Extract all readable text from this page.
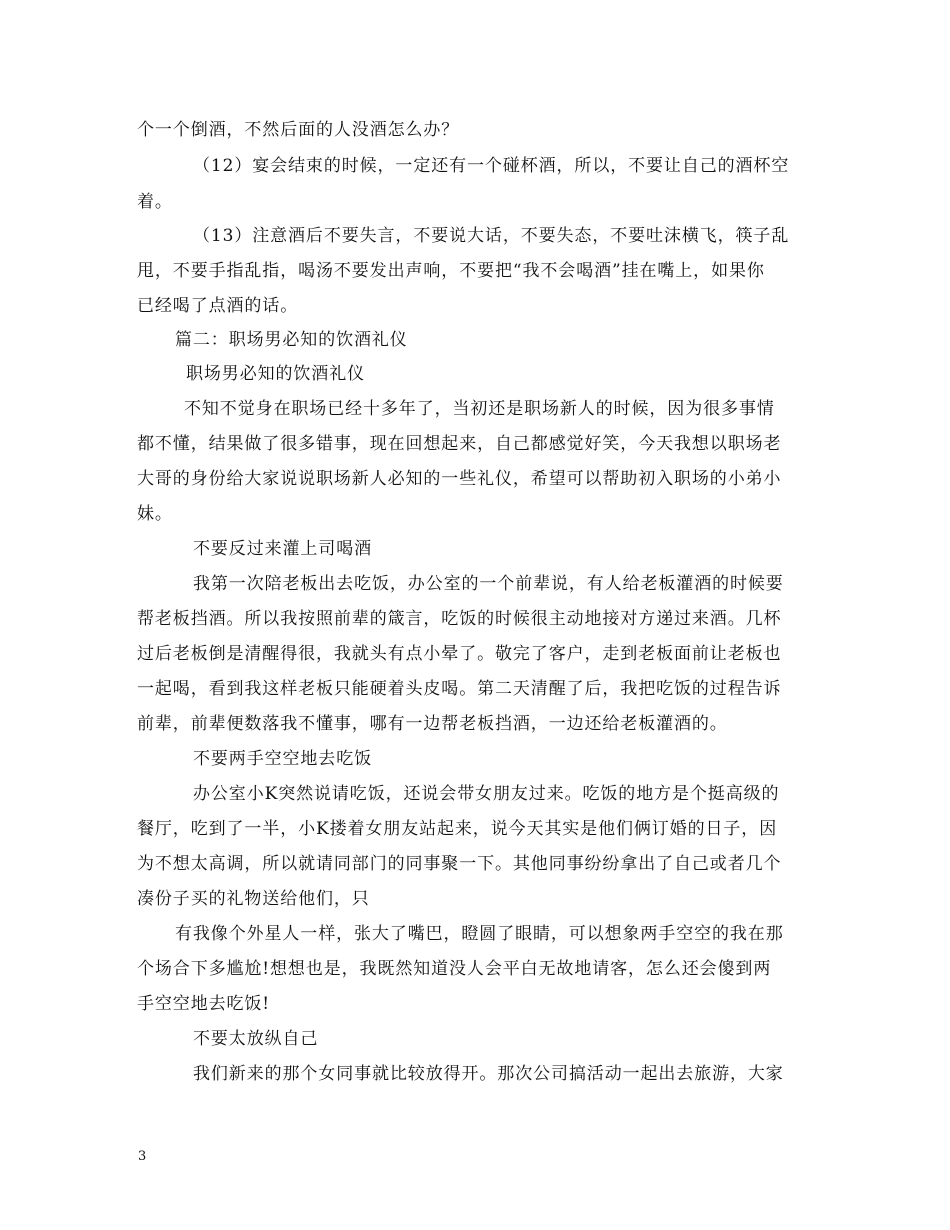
个一个倒酒，不然后面的人没酒怎么办？
（12）宴会结束的时候，一定还有一个碰杯酒，所以，不要让自己的酒杯空
着。
（13）注意酒后不要失言，不要说大话，不要失态，不要吐沫横飞，筷子乱
甩，不要手指乱指，喝汤不要发出声响，不要把“我不会喝酒”挂在嘴上，如果你
已经喝了点酒的话。
篇二：职场男必知的饮酒礼仪
职场男必知的饮酒礼仪
不知不觉身在职场已经十多年了，当初还是职场新人的时候，因为很多事情
都不懂，结果做了很多错事，现在回想起来，自己都感觉好笑，今天我想以职场老
大哥的身份给大家说说职场新人必知的一些礼仪，希望可以帮助初入职场的小弟小
妹。
不要反过来灌上司喝酒
我第一次陪老板出去吃饭，办公室的一个前辈说，有人给老板灌酒的时候要
帮老板挡酒。所以我按照前辈的箴言，吃饭的时候很主动地接对方递过来酒。几杯
过后老板倒是清醒得很，我就头有点小晕了。敬完了客户，走到老板面前让老板也
一起喝，看到我这样老板只能硬着头皮喝。第二天清醒了后，我把吃饭的过程告诉
前辈，前辈便数落我不懂事，哪有一边帮老板挡酒，一边还给老板灌酒的。
不要两手空空地去吃饭
办公室小K突然说请吃饭，还说会带女朋友过来。吃饭的地方是个挺高级的
餐厅，吃到了一半，小K搂着女朋友站起来，说今天其实是他们俩订婚的日子，因
为不想太高调，所以就请同部门的同事聚一下。其他同事纷纷拿出了自己或者几个
凑份子买的礼物送给他们，只
有我像个外星人一样，张大了嘴巴，瞪圆了眼睛，可以想象两手空空的我在那
个场合下多尴尬!想想也是，我既然知道没人会平白无故地请客，怎么还会傻到两
手空空地去吃饭!
不要太放纵自己
我们新来的那个女同事就比较放得开。那次公司搞活动一起出去旅游，大家
3
